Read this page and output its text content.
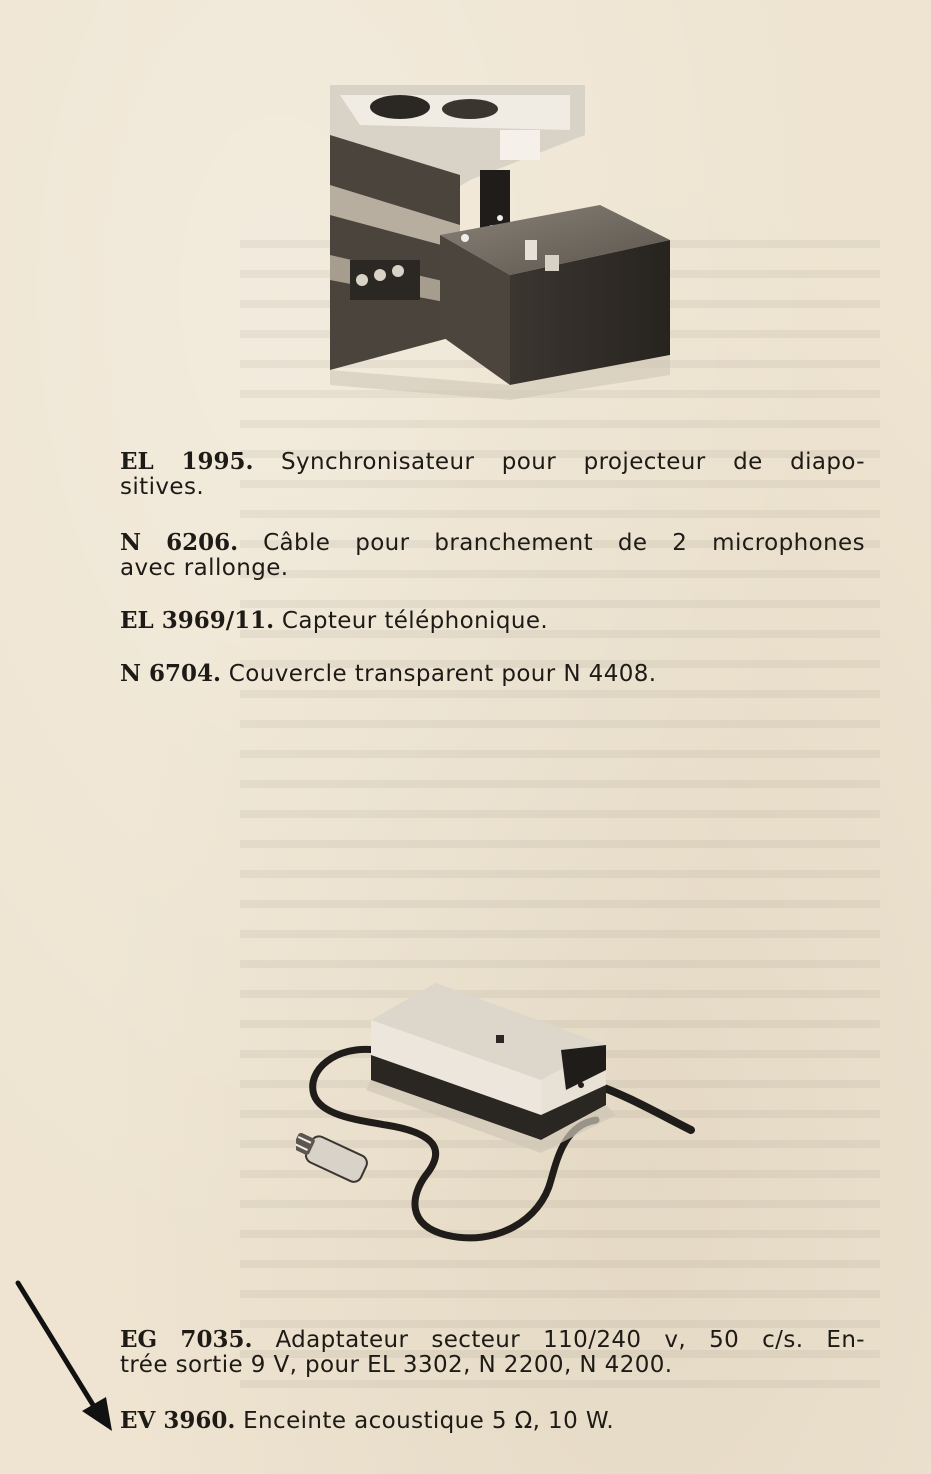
EL 1995. Synchronisateur pour projecteur de diapo-
sitives.
N 6206. Câble pour branchement de 2 microphones
avec rallonge.
EL 3969/11. Capteur téléphonique.
N 6704. Couvercle transparent pour N 4408.
EG 7035. Adaptateur secteur 110/240 v, 50 c/s. En-
trée sortie 9 V, pour EL 3302, N 2200, N 4200.
EV 3960. Enceinte acoustique 5 Ω, 10 W.
